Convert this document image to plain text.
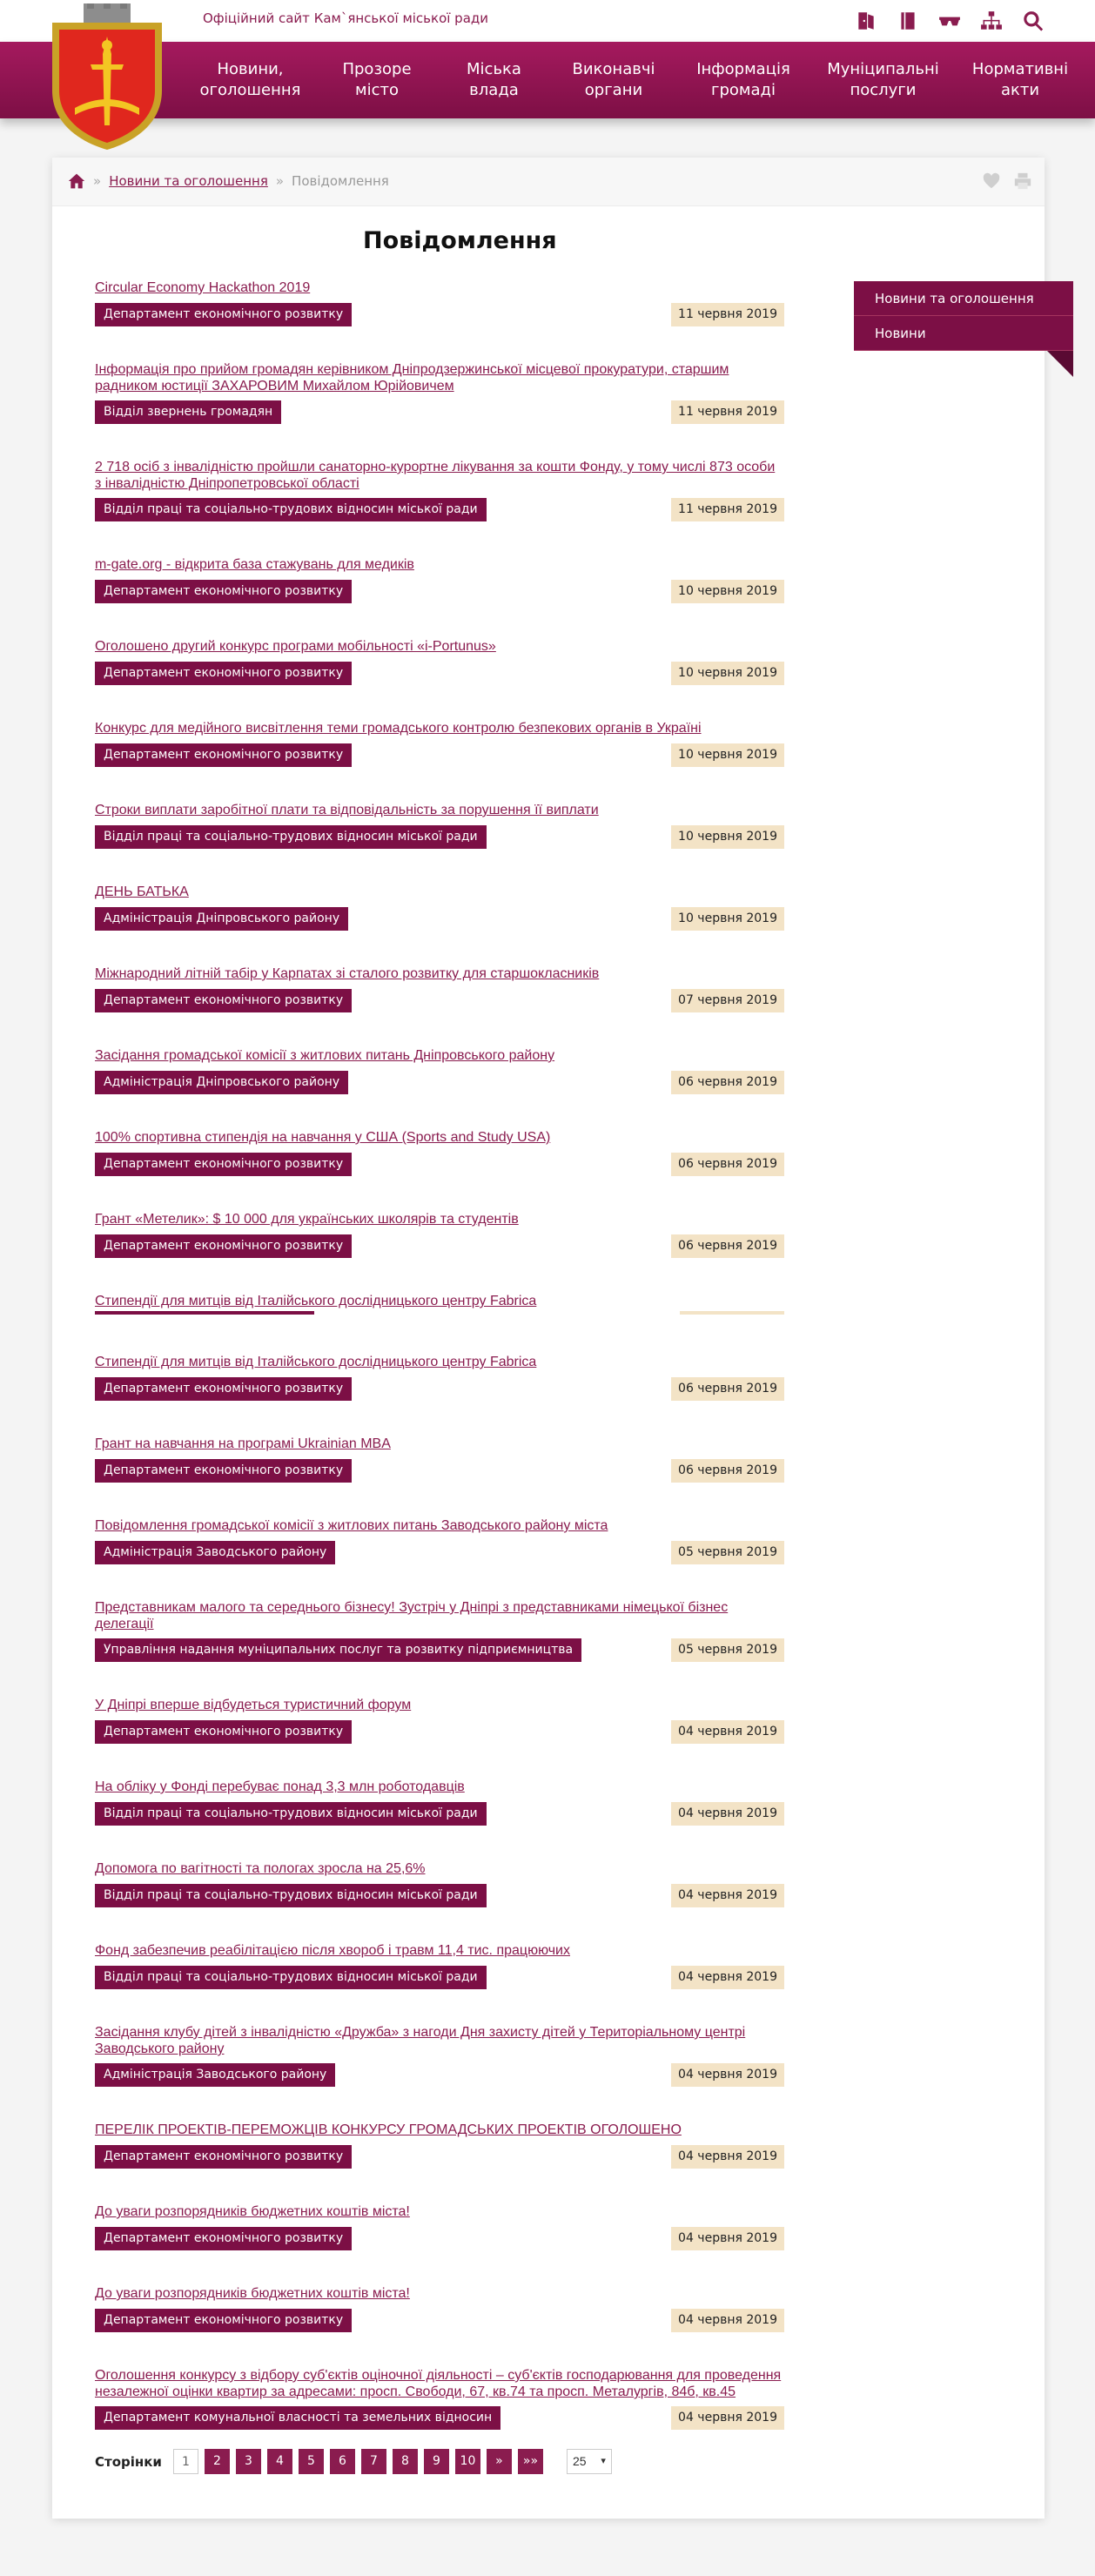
Офіційний сайт Кам`янської міської ради
Новини,
оголошення
Прозоре
місто
Міська
влада
Виконавчі
органи
Інформація
громаді
Муніципальні
послуги
Нормативні
акти
» Новини та оголошення » Повідомлення
Повідомлення
Новини та оголошення
Новини
Circular Economy Hackathon 2019
Департамент економічного розвитку	11 червня 2019
Інформація про прийом громадян керівником Дніпродзержинської місцевої прокуратури, старшим радником юстиції ЗАХАРОВИМ Михайлом Юрійовичем
Відділ звернень громадян	11 червня 2019
2 718 осіб з інвалідністю пройшли санаторно-курортне лікування за кошти Фонду, у тому числі 873 особи з інвалідністю Дніпропетровської області
Відділ праці та соціально-трудових відносин міської ради	11 червня 2019
m-gate.org - відкрита база стажувань для медиків
Департамент економічного розвитку	10 червня 2019
Оголошено другий конкурс програми мобільності «i-Portunus»
Департамент економічного розвитку	10 червня 2019
Конкурс для медійного висвітлення теми громадського контролю безпекових органів в Україні
Департамент економічного розвитку	10 червня 2019
Строки виплати заробітної плати та відповідальність за порушення її виплати
Відділ праці та соціально-трудових відносин міської ради	10 червня 2019
ДЕНЬ БАТЬКА
Адміністрація Дніпровського району	10 червня 2019
Міжнародний літній табір у Карпатах зі сталого розвитку для старшокласників
Департамент економічного розвитку	07 червня 2019
Засідання громадської комісії з житлових питань Дніпровського району
Адміністрація Дніпровського району	06 червня 2019
100% спортивна стипендія на навчання у США (Sports and Study USA)
Департамент економічного розвитку	06 червня 2019
Грант «Метелик»: $ 10 000 для українських школярів та студентів
Департамент економічного розвитку	06 червня 2019
Стипендії для митців від Італійського дослідницького центру Fabrica
Стипендії для митців від Італійського дослідницького центру Fabrica
Департамент економічного розвитку	06 червня 2019
Грант на навчання на програмі Ukrainian MBA
Департамент економічного розвитку	06 червня 2019
Повідомлення громадської комісії з житлових питань Заводського району міста
Адміністрація Заводського району	05 червня 2019
Представникам малого та середнього бізнесу! Зустріч у Дніпрі з представниками німецької бізнес делегації
Управління надання муніципальних послуг та розвитку підприємництва	05 червня 2019
У Дніпрі вперше відбудеться туристичний форум
Департамент економічного розвитку	04 червня 2019
На обліку у Фонді перебуває понад 3,3 млн роботодавців
Відділ праці та соціально-трудових відносин міської ради	04 червня 2019
Допомога по вагітності та пологах зросла на 25,6%
Відділ праці та соціально-трудових відносин міської ради	04 червня 2019
Фонд забезпечив реабілітацією після хвороб і травм 11,4 тис. працюючих
Відділ праці та соціально-трудових відносин міської ради	04 червня 2019
Засідання клубу дітей з інвалідністю «Дружба» з нагоди Дня захисту дітей у Територіальному центрі Заводського району
Адміністрація Заводського району	04 червня 2019
ПЕРЕЛІК ПРОЕКТІВ-ПЕРЕМОЖЦІВ КОНКУРСУ ГРОМАДСЬКИХ ПРОЕКТІВ ОГОЛОШЕНО
Департамент економічного розвитку	04 червня 2019
До уваги розпорядників бюджетних коштів міста!
Департамент економічного розвитку	04 червня 2019
До уваги розпорядників бюджетних коштів міста!
Департамент економічного розвитку	04 червня 2019
Оголошення конкурсу з відбору суб'єктів оціночної діяльності – суб'єктів господарювання для проведення незалежної оцінки квартир за адресами: просп. Свободи, 67, кв.74 та просп. Металургів, 84б, кв.45
Департамент комунальної власності та земельних відносин	04 червня 2019
Сторінки	1	2	3	4	5	6	7	8	9	10	»	»»	25 ▾
